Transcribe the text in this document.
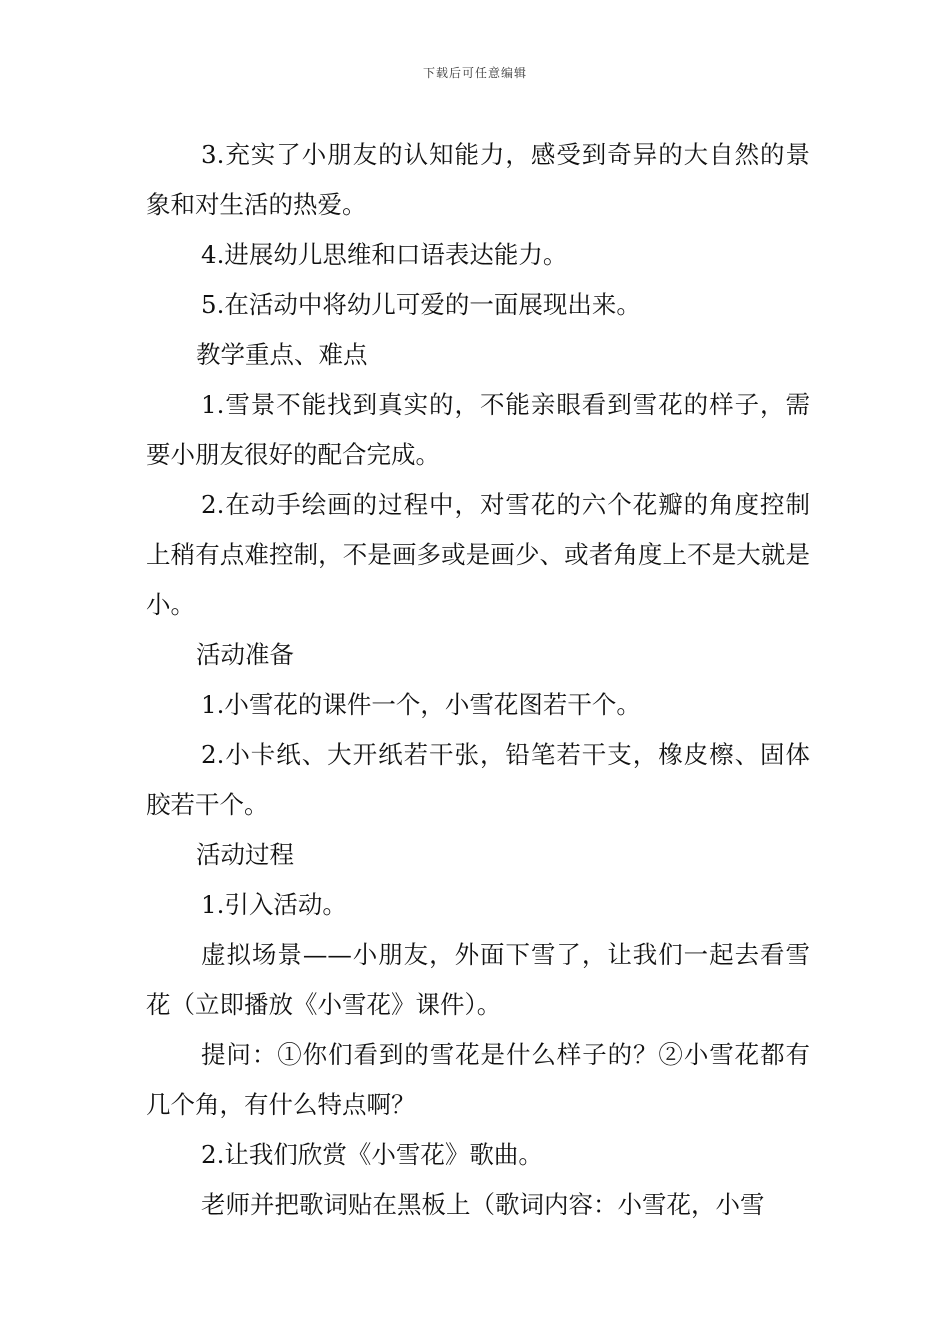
下载后可任意编辑

3.充实了小朋友的认知能力，感受到奇异的大自然的景象和对生活的热爱。

4.进展幼儿思维和口语表达能力。

5.在活动中将幼儿可爱的一面展现出来。

教学重点、难点

1.雪景不能找到真实的，不能亲眼看到雪花的样子，需要小朋友很好的配合完成。

2.在动手绘画的过程中，对雪花的六个花瓣的角度控制上稍有点难控制，不是画多或是画少、或者角度上不是大就是小。

活动准备

1.小雪花的课件一个，小雪花图若干个。

2.小卡纸、大开纸若干张，铅笔若干支，橡皮檫、固体胶若干个。

活动过程

1.引入活动。

虚拟场景——小朋友，外面下雪了，让我们一起去看雪花（立即播放《小雪花》课件）。

提问：①你们看到的雪花是什么样子的？②小雪花都有几个角，有什么特点啊？

2.让我们欣赏《小雪花》歌曲。

老师并把歌词贴在黑板上（歌词内容：小雪花，小雪
